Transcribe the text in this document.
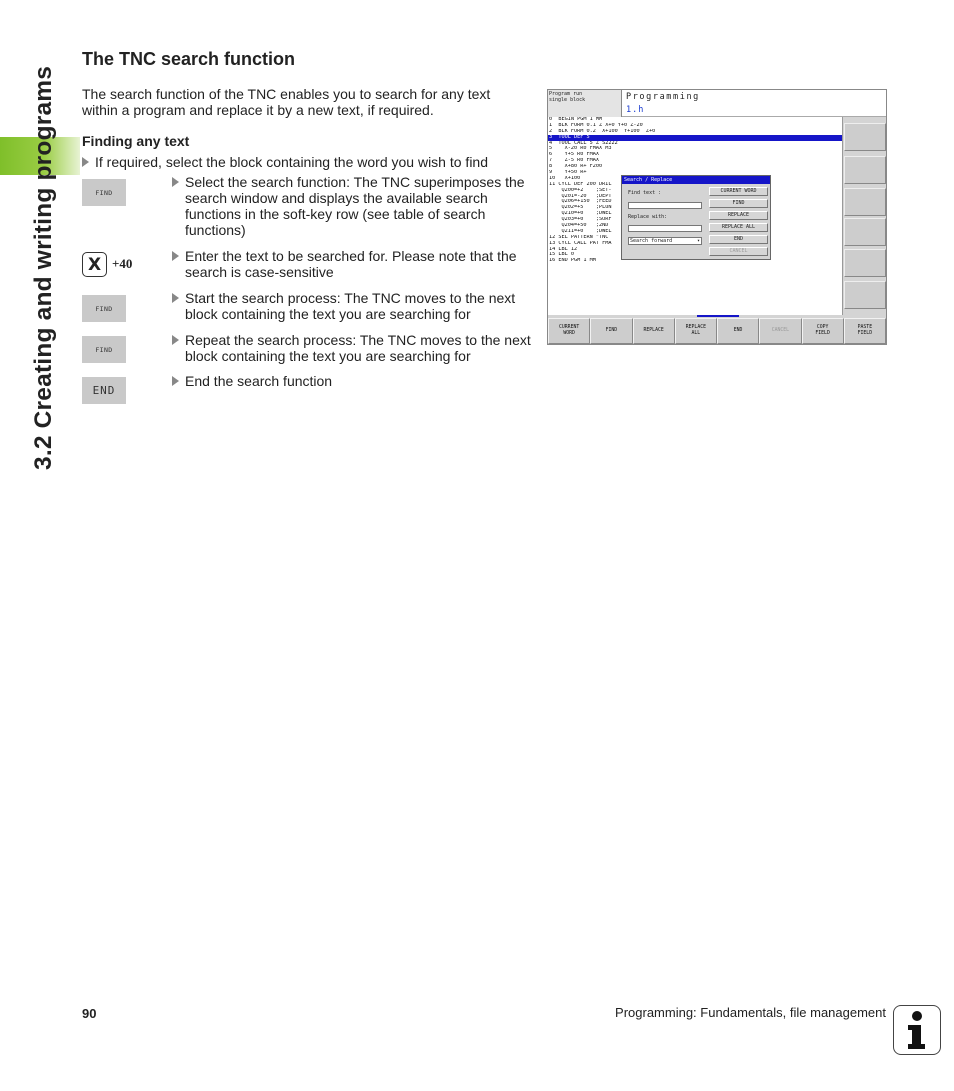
3.2 Creating and writing programs
The TNC search function

The search function of the TNC enables you to search for any text within a program and replace it by a new text, if required.

Finding any text
If required, select the block containing the word you wish to find
FIND
Select the search function: The TNC superimposes the search window and displays the available search functions in the soft-key row (see table of search functions)
X +40	Enter the text to be searched for. Please note that the search is case-sensitive
FIND
Start the search process: The TNC moves to the next block containing the text you are searching for
FIND
Repeat the search process: The TNC moves to the next block containing the text you are searching for
END
End the search function
Program run
single block	Programming
1.h
0  BEGIN PGM 1 MM
1  BLK FORM 0.1 Z X+0 Y+0 Z-20
2  BLK FORM 0.2  X+100  Y+100  Z+0
3  TOOL DEF 5
4  TOOL CALL 5 Z S2222
5    X-20 R0 FMAX M3
6    Y+5 R0 FMAX
7    Z-5 R0 FMAX
8    X+80 R+ F200
9    Y+50 R+
10   X+100
11 CYCL DEF 200 DRIL
Q200=+2    ;SET-
Q201=-20   ;DEPT
Q206=+150  ;FEED
Q202=+5    ;PLUN
Q210=+0    ;DWEL
Q203=+0    ;SURF
Q204=+50   ;2ND
Q211=+0    ;DWEL
12 SEL PATTERN "TNC
13 CYCL CALL PAT FMA
14 LBL 12
15 LBL 0
16 END PGM 1 MM
Search / Replace
Find text :
Replace with:
Search forward	▾
CURRENT WORD
FIND
REPLACE
REPLACE ALL
END
CANCEL
CURRENT
WORD
FIND	REPLACE
REPLACE
ALL
END	CANCEL
COPY
FIELD
PASTE
FIELD
90	Programming: Fundamentals, file management
